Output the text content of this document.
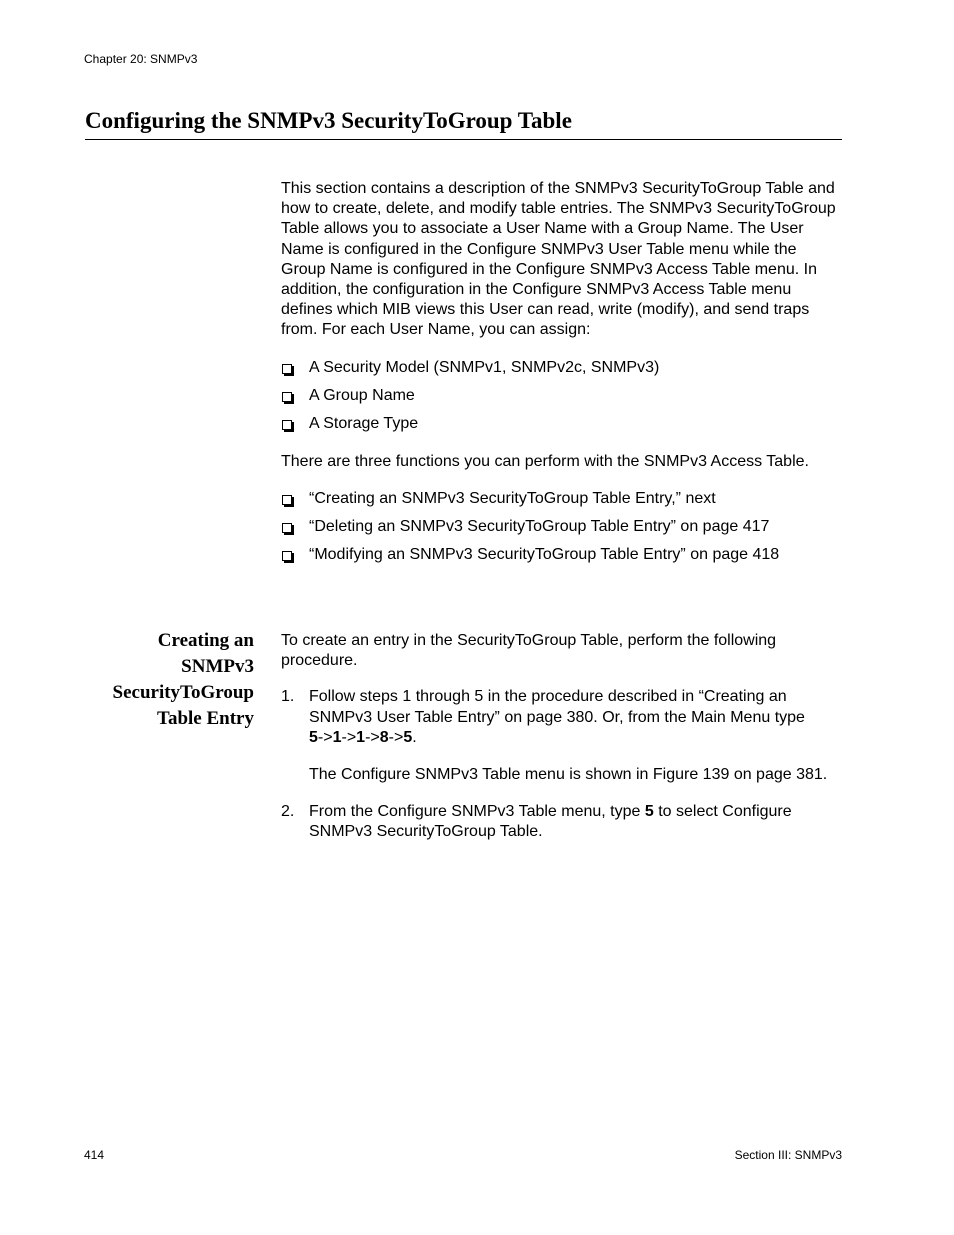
Chapter 20: SNMPv3
Configuring the SNMPv3 SecurityToGroup Table

This section contains a description of the SNMPv3 SecurityToGroup Table and how to create, delete, and modify table entries. The SNMPv3 SecurityToGroup Table allows you to associate a User Name with a Group Name. The User Name is configured in the Configure SNMPv3 User Table menu while the Group Name is configured in the Configure SNMPv3 Access Table menu. In addition, the configuration in the Configure SNMPv3 Access Table menu defines which MIB views this User can read, write (modify), and send traps from. For each User Name, you can assign:

A Security Model (SNMPv1, SNMPv2c, SNMPv3)
A Group Name
A Storage Type

There are three functions you can perform with the SNMPv3 Access Table.

“Creating an SNMPv3 SecurityToGroup Table Entry,” next
“Deleting an SNMPv3 SecurityToGroup Table Entry” on page 417
“Modifying an SNMPv3 SecurityToGroup Table Entry” on page 418
Creating an
SNMPv3
SecurityToGroup
Table Entry

To create an entry in the SecurityToGroup Table, perform the following procedure.

1. Follow steps 1 through 5 in the procedure described in “Creating an SNMPv3 User Table Entry” on page 380. Or, from the Main Menu type
5->1->1->8->5.

The Configure SNMPv3 Table menu is shown in Figure 139 on page 381.

2. From the Configure SNMPv3 Table menu, type 5 to select Configure SNMPv3 SecurityToGroup Table.
414	Section III: SNMPv3
